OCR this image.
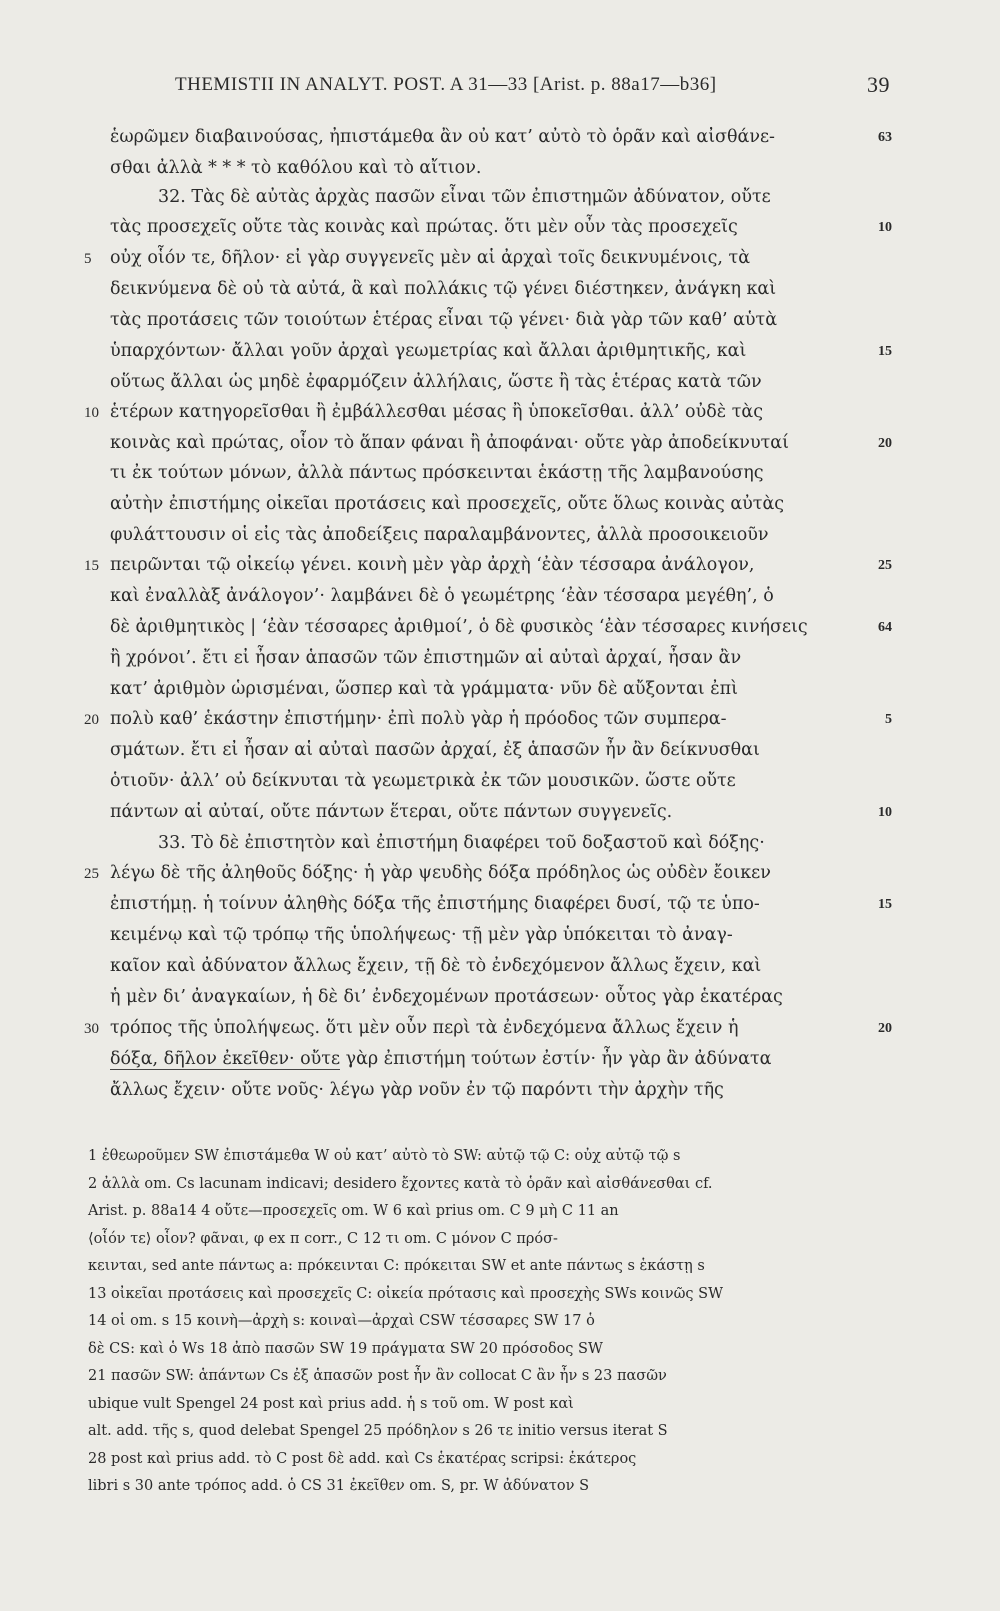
THEMISTII IN ANALYT. POST. A 31—33 [Arist. p. 88a17—b36]	39
ἑωρῶμεν διαβαινούσας, ἠπιστάμεθα ἂν οὐ κατ’ αὐτὸ τὸ ὁρᾶν καὶ αἰσθάνε-
σθαι ἀλλὰ * * * τὸ καθόλου καὶ τὸ αἴτιον.
32. Τὰς δὲ αὐτὰς ἀρχὰς πασῶν εἶναι τῶν ἐπιστημῶν ἀδύνατον, οὔτε
τὰς προσεχεῖς οὔτε τὰς κοινὰς καὶ πρώτας. ὅτι μὲν οὖν τὰς προσεχεῖς
οὐχ οἷόν τε, δῆλον· εἰ γὰρ συγγενεῖς μὲν αἱ ἀρχαὶ τοῖς δεικνυμένοις, τὰ
δεικνύμενα δὲ οὐ τὰ αὐτά, ἃ καὶ πολλάκις τῷ γένει διέστηκεν, ἀνάγκη καὶ
τὰς προτάσεις τῶν τοιούτων ἑτέρας εἶναι τῷ γένει· διὰ γὰρ τῶν καθ’ αὑτὰ
ὑπαρχόντων· ἄλλαι γοῦν ἀρχαὶ γεωμετρίας καὶ ἄλλαι ἀριθμητικῆς, καὶ
οὕτως ἄλλαι ὡς μηδὲ ἐφαρμόζειν ἀλλήλαις, ὥστε ἢ τὰς ἑτέρας κατὰ τῶν
ἑτέρων κατηγορεῖσθαι ἢ ἐμβάλλεσθαι μέσας ἢ ὑποκεῖσθαι. ἀλλ’ οὐδὲ τὰς
κοινὰς καὶ πρώτας, οἷον τὸ ἅπαν φάναι ἢ ἀποφάναι· οὔτε γὰρ ἀποδείκνυταί
τι ἐκ τούτων μόνων, ἀλλὰ πάντως πρόσκεινται ἑκάστῃ τῆς λαμβανούσης
αὐτὴν ἐπιστήμης οἰκεῖαι προτάσεις καὶ προσεχεῖς, οὔτε ὅλως κοινὰς αὐτὰς
φυλάττουσιν οἱ εἰς τὰς ἀποδείξεις παραλαμβάνοντες, ἀλλὰ προσοικειοῦν
πειρῶνται τῷ οἰκείῳ γένει. κοινὴ μὲν γὰρ ἀρχὴ ‘ἐὰν τέσσαρα ἀνάλογον,
καὶ ἐναλλὰξ ἀνάλογον’· λαμβάνει δὲ ὁ γεωμέτρης ‘ἐὰν τέσσαρα μεγέθη’, ὁ
δὲ ἀριθμητικὸς | ‘ἐὰν τέσσαρες ἀριθμοί’, ὁ δὲ φυσικὸς ‘ἐὰν τέσσαρες κινήσεις
ἢ χρόνοι’. ἔτι εἰ ἦσαν ἁπασῶν τῶν ἐπιστημῶν αἱ αὐταὶ ἀρχαί, ἦσαν ἂν
κατ’ ἀριθμὸν ὡρισμέναι, ὥσπερ καὶ τὰ γράμματα· νῦν δὲ αὔξονται ἐπὶ
πολὺ καθ’ ἑκάστην ἐπιστήμην· ἐπὶ πολὺ γὰρ ἡ πρόοδος τῶν συμπερα-
σμάτων. ἔτι εἰ ἦσαν αἱ αὐταὶ πασῶν ἀρχαί, ἐξ ἁπασῶν ἦν ἂν δείκνυσθαι
ὁτιοῦν· ἀλλ’ οὐ δείκνυται τὰ γεωμετρικὰ ἐκ τῶν μουσικῶν. ὥστε οὔτε
πάντων αἱ αὐταί, οὔτε πάντων ἕτεραι, οὔτε πάντων συγγενεῖς.
33. Τὸ δὲ ἐπιστητὸν καὶ ἐπιστήμη διαφέρει τοῦ δοξαστοῦ καὶ δόξης·
λέγω δὲ τῆς ἀληθοῦς δόξης· ἡ γὰρ ψευδὴς δόξα πρόδηλος ὡς οὐδὲν ἔοικεν
ἐπιστήμῃ. ἡ τοίνυν ἀληθὴς δόξα τῆς ἐπιστήμης διαφέρει δυσί, τῷ τε ὑπο-
κειμένῳ καὶ τῷ τρόπῳ τῆς ὑπολήψεως· τῇ μὲν γὰρ ὑπόκειται τὸ ἀναγ-
καῖον καὶ ἀδύνατον ἄλλως ἔχειν, τῇ δὲ τὸ ἐνδεχόμενον ἄλλως ἔχειν, καὶ
ἡ μὲν δι’ ἀναγκαίων, ἡ δὲ δι’ ἐνδεχομένων προτάσεων· οὗτος γὰρ ἑκατέρας
τρόπος τῆς ὑπολήψεως. ὅτι μὲν οὖν περὶ τὰ ἐνδεχόμενα ἄλλως ἔχειν ἡ
δόξα, δῆλον ἐκεῖθεν· οὔτε γὰρ ἐπιστήμη τούτων ἐστίν· ἦν γὰρ ἂν ἀδύνατα
ἄλλως ἔχειν· οὔτε νοῦς· λέγω γὰρ νοῦν ἐν τῷ παρόντι τὴν ἀρχὴν τῆς
5
10
15
20
25
30
63
10
15
20
25
64
5
10
15
20
1 ἐθεωροῦμεν SW ἐπιστάμεθα W οὐ κατ’ αὐτὸ τὸ SW: αὐτῷ τῷ C: οὐχ αὐτῷ τῷ s
2 ἀλλὰ om. Cs lacunam indicavi; desidero ἔχοντες κατὰ τὸ ὁρᾶν καὶ αἰσθάνεσθαι cf.
Arist. p. 88a14 4 οὔτε—προσεχεῖς om. W 6 καὶ prius om. C 9 μὴ C 11 an
⟨οἷόν τε⟩ οἷον? φᾶναι, φ ex π corr., C 12 τι om. C μόνον C πρόσ-
κεινται, sed ante πάντως a: πρόκεινται C: πρόκειται SW et ante πάντως s ἑκάστῃ s
13 οἰκεῖαι προτάσεις καὶ προσεχεῖς C: οἰκεία πρότασις καὶ προσεχὴς SWs κοινῶς SW
14 οἱ om. s 15 κοινὴ—ἀρχὴ s: κοιναὶ—ἀρχαὶ CSW τέσσαρες SW 17 ὁ
δὲ CS: καὶ ὁ Ws 18 ἀπὸ πασῶν SW 19 πράγματα SW 20 πρόσοδος SW
21 πασῶν SW: ἁπάντων Cs ἐξ ἁπασῶν post ἦν ἂν collocat C ἂν ἦν s 23 πασῶν
ubique vult Spengel 24 post καὶ prius add. ἡ s τοῦ om. W post καὶ
alt. add. τῆς s, quod delebat Spengel 25 πρόδηλον s 26 τε initio versus iterat S
28 post καὶ prius add. τὸ C post δὲ add. καὶ Cs ἑκατέρας scripsi: ἑκάτερος
libri s 30 ante τρόπος add. ὁ CS 31 ἐκεῖθεν om. S, pr. W ἀδύνατον S
